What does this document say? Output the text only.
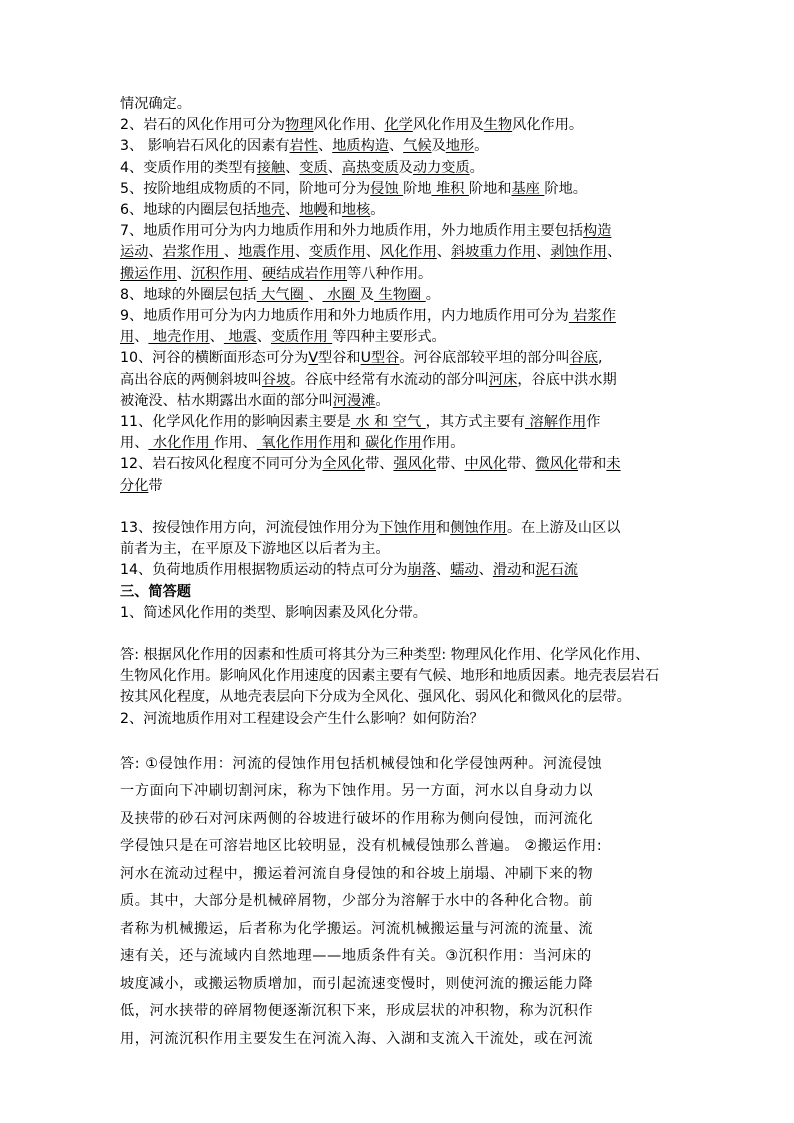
情况确定。
2、岩石的风化作用可分为物理风化作用、化学风化作用及生物风化作用。
3、 影响岩石风化的因素有岩性、地质构造、气候及地形。
4、变质作用的类型有接触、变质、高热变质及动力变质。
5、按阶地组成物质的不同，阶地可分为侵蚀 阶地 堆积 阶地和基座 阶地。
6、地球的内圈层包括地壳、地幔和地核。
7、地质作用可分为内力地质作用和外力地质作用，外力地质作用主要包括构造
运动、岩浆作用 、地震作用、变质作用、风化作用、斜坡重力作用、剥蚀作用、
搬运作用、沉积作用、硬结成岩作用等八种作用。
8、地球的外圈层包括 大气圈 、 水圈 及 生物圈 。
9、地质作用可分为内力地质作用和外力地质作用，内力地质作用可分为 岩浆作
用、 地壳作用、 地震、变质作用 等四种主要形式。
10、河谷的横断面形态可分为V型谷和U型谷。河谷底部较平坦的部分叫谷底,
高出谷底的两侧斜坡叫谷坡。谷底中经常有水流动的部分叫河床，谷底中洪水期
被淹没、枯水期露出水面的部分叫河漫滩。
11、化学风化作用的影响因素主要是 水 和 空气 ，其方式主要有 溶解作用作
用、 水化作用 作用、 氧化作用作用和 碳化作用作用。
12、岩石按风化程度不同可分为全风化带、强风化带、中风化带、微风化带和未
分化带

13、按侵蚀作用方向，河流侵蚀作用分为下蚀作用和侧蚀作用。在上游及山区以
前者为主，在平原及下游地区以后者为主。
14、负荷地质作用根据物质运动的特点可分为崩落、蠕动、滑动和泥石流
三、简答题
1、简述风化作用的类型、影响因素及风化分带。
答: 根据风化作用的因素和性质可将其分为三种类型: 物理风化作用、化学风化作用、
生物风化作用。影响风化作用速度的因素主要有气候、地形和地质因素。地壳表层岩石
按其风化程度，从地壳表层向下分成为全风化、强风化、弱风化和微风化的层带。
2、河流地质作用对工程建设会产生什么影响？如何防治？
答: ①侵蚀作用：河流的侵蚀作用包括机械侵蚀和化学侵蚀两种。河流侵蚀
一方面向下冲刷切割河床，称为下蚀作用。另一方面，河水以自身动力以
及挟带的砂石对河床两侧的谷坡进行破坏的作用称为侧向侵蚀，而河流化
学侵蚀只是在可溶岩地区比较明显，没有机械侵蚀那么普遍。 ②搬运作用:
河水在流动过程中，搬运着河流自身侵蚀的和谷坡上崩塌、冲刷下来的物
质。其中，大部分是机械碎屑物，少部分为溶解于水中的各种化合物。前
者称为机械搬运，后者称为化学搬运。河流机械搬运量与河流的流量、流
速有关，还与流域内自然地理——地质条件有关。③沉积作用：当河床的
坡度减小，或搬运物质增加，而引起流速变慢时，则使河流的搬运能力降
低，河水挟带的碎屑物便逐渐沉积下来，形成层状的冲积物，称为沉积作
用，河流沉积作用主要发生在河流入海、入湖和支流入干流处，或在河流
